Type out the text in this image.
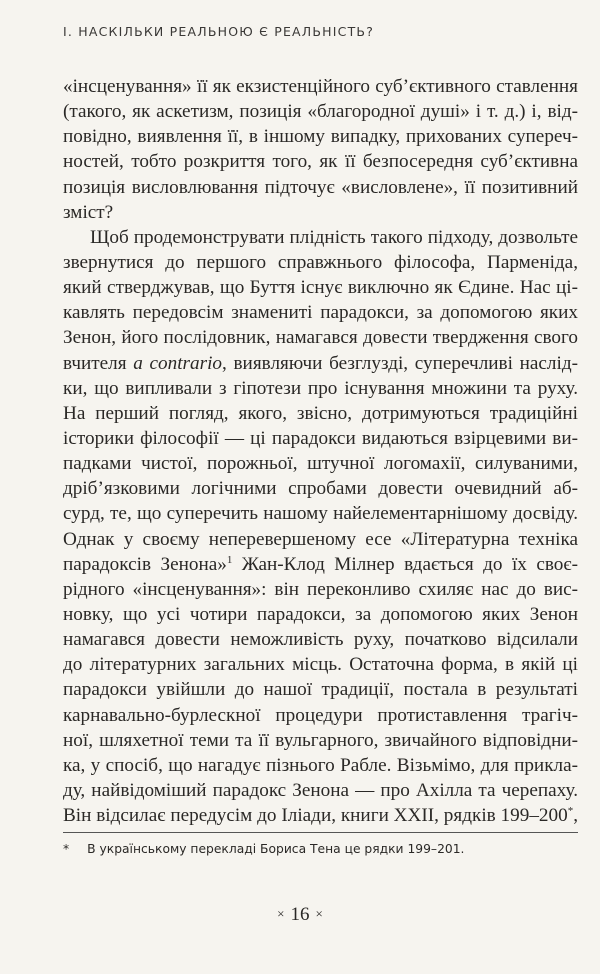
І. НАСКІЛЬКИ РЕАЛЬНОЮ Є РЕАЛЬНІСТЬ?
«інсценування» її як екзистенційного суб’єктивного ставлення
(такого, як аскетизм, позиція «благородної душі» і т. д.) і, від-
повідно, виявлення її, в іншому випадку, прихованих супереч-
ностей, тобто розкриття того, як її безпосередня суб’єктивна
позиція висловлювання підточує «висловлене», її позитивний
зміст?
Щоб продемонструвати плідність такого підходу, дозвольте
звернутися до першого справжнього філософа, Парменіда,
який стверджував, що Буття існує виключно як Єдине. Нас ці-
кавлять передовсім знамениті парадокси, за допомогою яких
Зенон, його послідовник, намагався довести твердження свого
вчителя a contrario, виявляючи безглузді, суперечливі наслід-
ки, що випливали з гіпотези про існування множини та руху.
На перший погляд, якого, звісно, дотримуються традиційні
історики філософії — ці парадокси видаються взірцевими ви-
падками чистої, порожньої, штучної логомахії, силуваними,
дріб’язковими логічними спробами довести очевидний аб-
сурд, те, що суперечить нашому найелементарнішому досвіду.
Однак у своєму неперевершеному есе «Літературна техніка
парадоксів Зенона»$^1$ Жан-Клод Мілнер вдається до їх своє-
рідного «інсценування»: він переконливо схиляє нас до вис-
новку, що усі чотири парадокси, за допомогою яких Зенон
намагався довести неможливість руху, початково відсилали
до літературних загальних місць. Остаточна форма, в якій ці
парадокси увійшли до нашої традиції, постала в результаті
карнавально-бурлескної процедури протиставлення трагіч-
ної, шляхетної теми та її вульгарного, звичайного відповідни-
ка, у спосіб, що нагадує пізнього Рабле. Візьмімо, для прикла-
ду, найвідоміший парадокс Зенона — про Ахілла та черепаху.
Він відсилає передусім до Іліади, книги XXII, рядків 199–200*,
* В українському перекладі Бориса Тена це рядки 199–201.
× 16 ×
